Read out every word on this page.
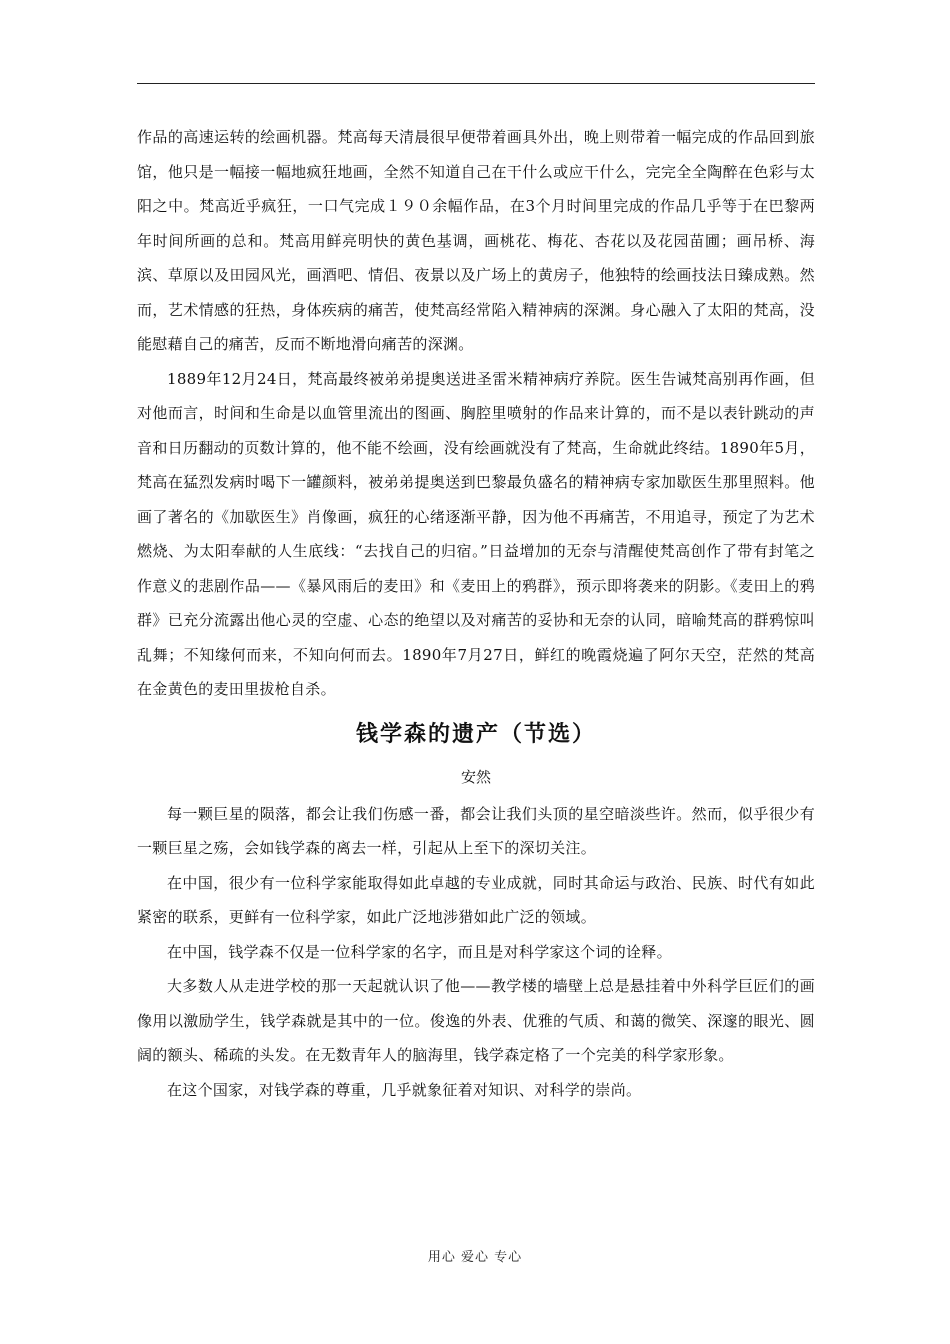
作品的高速运转的绘画机器。梵高每天清晨很早便带着画具外出，晚上则带着一幅完成的作品回到旅馆，他只是一幅接一幅地疯狂地画，全然不知道自己在干什么或应干什么，完完全全陶醉在色彩与太阳之中。梵高近乎疯狂，一口气完成１９０余幅作品，在3个月时间里完成的作品几乎等于在巴黎两年时间所画的总和。梵高用鲜亮明快的黄色基调，画桃花、梅花、杏花以及花园苗圃；画吊桥、海滨、草原以及田园风光，画酒吧、情侣、夜景以及广场上的黄房子，他独特的绘画技法日臻成熟。然而，艺术情感的狂热，身体疾病的痛苦，使梵高经常陷入精神病的深渊。身心融入了太阳的梵高，没能慰藉自己的痛苦，反而不断地滑向痛苦的深渊。

1889年12月24日，梵高最终被弟弟提奥送进圣雷米精神病疗养院。医生告诫梵高别再作画，但对他而言，时间和生命是以血管里流出的图画、胸腔里喷射的作品来计算的，而不是以表针跳动的声音和日历翻动的页数计算的，他不能不绘画，没有绘画就没有了梵高，生命就此终结。1890年5月，梵高在猛烈发病时喝下一罐颜料，被弟弟提奥送到巴黎最负盛名的精神病专家加歇医生那里照料。他画了著名的《加歇医生》肖像画，疯狂的心绪逐渐平静，因为他不再痛苦，不用追寻，预定了为艺术燃烧、为太阳奉献的人生底线：“去找自己的归宿。”日益增加的无奈与清醒使梵高创作了带有封笔之作意义的悲剧作品——《暴风雨后的麦田》和《麦田上的鸦群》，预示即将袭来的阴影。《麦田上的鸦群》已充分流露出他心灵的空虚、心态的绝望以及对痛苦的妥协和无奈的认同，暗喻梵高的群鸦惊叫乱舞；不知缘何而来，不知向何而去。1890年7月27日，鲜红的晚霞烧遍了阿尔天空，茫然的梵高在金黄色的麦田里拔枪自杀。

钱学森的遗产（节选）

安然

每一颗巨星的陨落，都会让我们伤感一番，都会让我们头顶的星空暗淡些许。然而，似乎很少有一颗巨星之殇，会如钱学森的离去一样，引起从上至下的深切关注。

在中国，很少有一位科学家能取得如此卓越的专业成就，同时其命运与政治、民族、时代有如此紧密的联系，更鲜有一位科学家，如此广泛地涉猎如此广泛的领域。

在中国，钱学森不仅是一位科学家的名字，而且是对科学家这个词的诠释。

大多数人从走进学校的那一天起就认识了他——教学楼的墙壁上总是悬挂着中外科学巨匠们的画像用以激励学生，钱学森就是其中的一位。俊逸的外表、优雅的气质、和蔼的微笑、深邃的眼光、圆阔的额头、稀疏的头发。在无数青年人的脑海里，钱学森定格了一个完美的科学家形象。

在这个国家，对钱学森的尊重，几乎就象征着对知识、对科学的崇尚。

用心 爱心 专心
